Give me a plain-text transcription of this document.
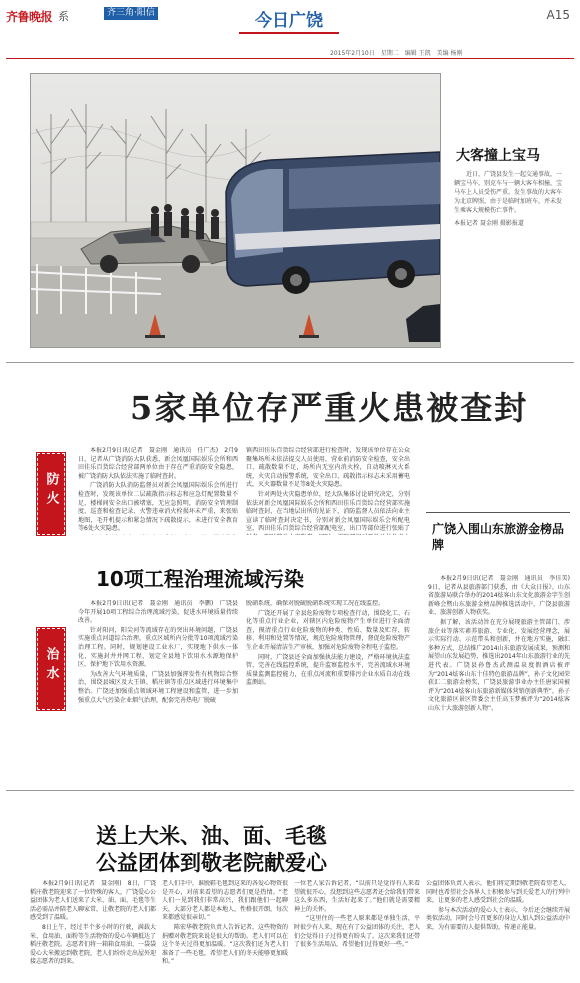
齐鲁晚报 系	齐三角·阳信	今日广饶	A15
2015年2月10日　星期二　编辑 王凯　美编 杨刚
大客撞上宝马
近日，广饶县发生一起交通事故，一辆宝马车，别克车与一辆大客车相撞，宝马车上人员受伤严重。发生事故的大客车为北京牌照，由于是临时加班车，并未发生乘客大规模伤亡事件。
本报记者 聂金刚 摄影报道
5家单位存严重火患被查封
防火

本报2月9日讯(记者　聂金刚　通讯员　任广杰)　2月9日，记者从广饶消防大队获悉，新会凤凰国际娱乐会所和西田佳乐百货综合经营部两单位由于存在严重消防安全隐患，被广饶消防大队依法实施了临时查封。

广饶消防大队消防监督员对新会凤凰国际娱乐会所进行检查时，发现该单位二层疏散指示标志和应急灯配置数量不足，楼梯间安全出口被堵塞，无应急照明，消防安全管理制度、巡查和检查记录、火警违章消火栓损坏未严重，来张贴地图，毛开机提示和紧急情况下疏散提示，未进行安全教育等6处火灾隐患。

镇西田佳乐百货综合经营部进行检查时，发现该单位存在公众聚集场所未依法提交人员使用，营业前消防安全检查，安全出口、疏散数量不足，场所内无室内消火栓，自动喷淋灭火系统，火灾自动报警系统，安全出口、疏散指示标志未采用蓄电式，灭火器数量不足等8处火灾隐患。

针对两处火灾隐患单位，经大队集体讨论研究决定，分别依法对新会凤凰国际娱乐会所和西田佳乐百货综合经营部实施临时查封，在当地层出所的见证下，消防监督人员依法向业主宣读了临时查封决定书，分别对新会凤凰国际娱乐会所配电室，西田佳乐百货综合经营部配电室，出口等部位进行张贴了 广饶入围山东旅游金榜品牌

本报2月9日讯(记者　聂金刚　通讯员　李佳美)　9日，记者从县旅游部门获悉，由《大众日报》、山东省旅游局联合举办的2014炫客山东文化旅游金字生创新峰会暨山东旅游金榜品牌推选活动中，广饶县旅游业、旅游创新人物获奖。

据了解，该活动旨在充分展现旅游主管部门、涉旅企业等落实素养旅游、专业化、发展经营理念，展示实际行动、示范带头和创新，并在地方实施，融汇多种方式，总结推广2014山东旅游发展成果，预测和展望山东发展趋势，推选出2014年山东旅游行业的先进代表。广饶县孙鲁杰武测温泉度假酒店被评为“2014炫客山东十佳特色旅游品牌”，孙子文化园荣获汇二旅游金榜奖，广饶县旅游事业办主任唐家国被评为“2014炫客山东旅游新媒体营销创新典型”，孙子文化旅游区景区管委会主任高玉梦被评为“2014炫客山东十大旅游创新人物”。

10项工程治理流域污染
治水

本报2月9日讯(记者　聂金刚　通讯员　李鹏)　广饶县今年开展10项工程综合治理流域污染，促进水环境质量持续改善。

针对阳河，阳尖河等流域存在的突出环境问题，广饶县实施重点河道综合治理，重点区域所内分批等10项流域污染治理工程。同时，规划建设工业水厂，实现地下供水一体化，实施封井并网工程，划定全县地下饮用水水源地保护区，保护地下饮用水资源。

为改善大气环境质量，广饶县加强挥发性有机物综合整治，围绕县城区及大王镇、稻庄镇等重点区域进行环境集中整治。广饶还加强重点领域环境工程建设和监管，进一步加强重点大气污染企业烟气治理，配套完善热电厂脱硫

脱硝系统，确保对脱硫脱硝系统实现工况在线监控。

广饶还开展了全县危险废物专项检查行动，围绕化工、石化等重点行业企业，对辖区内危险废物产生单位进行全面清查，摸清重点行业危险废物的种类、性质、数量及贮存、转移、利用和处置等情况，规范危险废物管理，督促危险废物产生企业开展清洁生产审核，加强对危险废物全程电子监控。

同时，广饶县还全面加强执法能力建设，严格环境执法监管，完善在线监控系统，提升监察监控水平，完善流域水环境质量监测监控能力，在重点河流和重要排污企业水质自动在线监测站。

送上大米、油、面、毛毯
公益团体到敬老院献爱心

本报2月9日讯(记者　聂金刚)　8日，广饶稻庄敬老院迎来了一位特殊的客人，广饶爱心公益团体为老人们送来了大米、油、面、毛毯等生活必需品并陪老人聊家常，让敬老院的老人们都感受到了温暖。

8日上午，经过半个多小时的行驶，满载大米、食用油、面粉等生活物资的爱心车辆抵达了稻庄敬老院。志愿者们将一箱箱食用油、一袋袋爱心大米搬运到敬老院，老人们纷纷走出屋外迎接志愿者的到来。

老人们手中，谁脱鞋毛毯到这来的各爱心物资很是开心，对前来看望的志愿者们更是热情。“老人们一见到我们非常高兴，我们跟他们一起聊天，大部分老人都是本地人，性格很开朗，每次来都感觉很亲切。”

陈宏华敬老院负责人告诉记者，这些物资的捐赠对敬老院来说是很大的帮助。老人们可以在这个冬天过得更加温暖。“这次我们还为老人们准备了一些毛毯，希望老人们的冬天能够更加暖和。”

一位老人家告诉记者，“以前只是觉得有人来看望就很开心，没想到这些志愿者还会给我们带来这么多东西，生活好起来了。”他们就是需要精神上的关怀。

“这里住的一些老人原来都是单独生活，平时很少有人来，现在有了公益团体的关注，老人们会觉得日子过得更有盼头了。这次来我们还带了很多生活用品，希望他们过得更好一些。”

公益团体负责人表示，他们将定期到敬老院看望老人，同时也希望社会各界人士积极参与到关爱老人的行列中来，让更多的老人感受到社会的温暖。

参与本次活动的爱心人士表示，今后还会继续开展类似活动，同时会号召更多的身边人加入到公益活动中来，为有需要的人提供帮助，传递正能量。
